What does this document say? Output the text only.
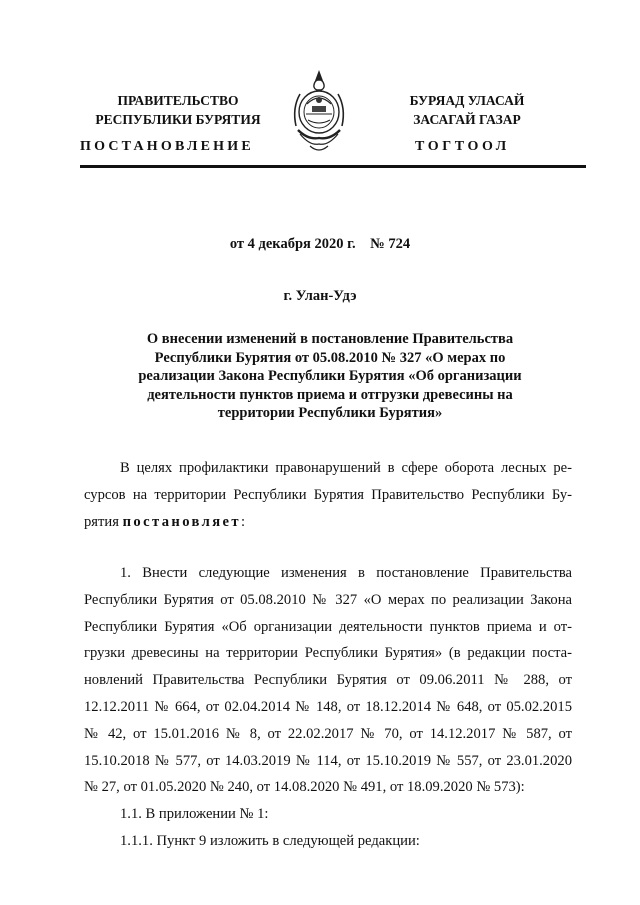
ПРАВИТЕЛЬСТВО
РЕСПУБЛИКИ БУРЯТИЯ
БУРЯАД УЛАСАЙ
ЗАСАГАЙ ГАЗАР
ПОСТАНОВЛЕНИЕ	ТОГТООЛ
от 4 декабря 2020 г.    № 724
г. Улан-Удэ
О внесении изменений в постановление Правительства
Республики Бурятия от 05.08.2010 № 327 «О мерах по
реализации Закона Республики Бурятия «Об организации
деятельности пунктов приема и отгрузки древесины на
территории Республики Бурятия»
В целях профилактики правонарушений в сфере оборота лесных ре-
сурсов на территории Республики Бурятия Правительство Республики Бу-
рятия постановляет:
1. Внести следующие изменения в постановление Правительства
Республики Бурятия от 05.08.2010 № 327 «О мерах по реализации Закона
Республики Бурятия «Об организации деятельности пунктов приема и от-
грузки древесины на территории Республики Бурятия» (в редакции поста-
новлений Правительства Республики Бурятия от 09.06.2011 № 288, от
12.12.2011 № 664, от 02.04.2014 № 148, от 18.12.2014 № 648, от 05.02.2015
№ 42, от 15.01.2016 № 8, от 22.02.2017 № 70, от 14.12.2017 № 587, от
15.10.2018 № 577, от 14.03.2019 № 114, от 15.10.2019 № 557, от 23.01.2020
№ 27, от 01.05.2020 № 240, от 14.08.2020 № 491, от 18.09.2020 № 573):
1.1. В приложении № 1:
1.1.1. Пункт 9 изложить в следующей редакции:
